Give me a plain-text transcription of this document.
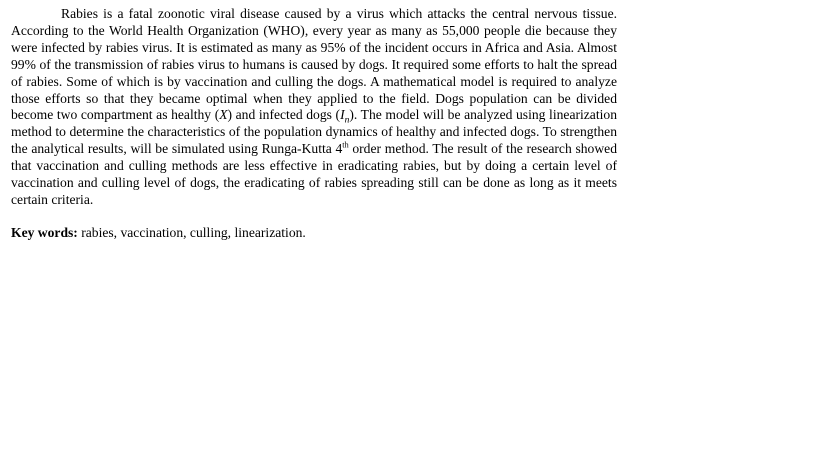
Rabies is a fatal zoonotic viral disease caused by a virus which attacks the central nervous tissue. According to the World Health Organization (WHO), every year as many as 55,000 people die because they were infected by rabies virus. It is estimated as many as 95% of the incident occurs in Africa and Asia. Almost 99% of the transmission of rabies virus to humans is caused by dogs. It required some efforts to halt the spread of rabies. Some of which is by vaccination and culling the dogs. A mathematical model is required to analyze those efforts so that they became optimal when they applied to the field. Dogs population can be divided become two compartment as healthy (X) and infected dogs $(I_n)$. The model will be analyzed using linearization method to determine the characteristics of the population dynamics of healthy and infected dogs. To strengthen the analytical results, will be simulated using Runga-Kutta 4th order method. The result of the research showed that vaccination and culling methods are less effective in eradicating rabies, but by doing a certain level of vaccination and culling level of dogs, the eradicating of rabies spreading still can be done as long as it meets certain criteria.

Key words: rabies, vaccination, culling, linearization.
